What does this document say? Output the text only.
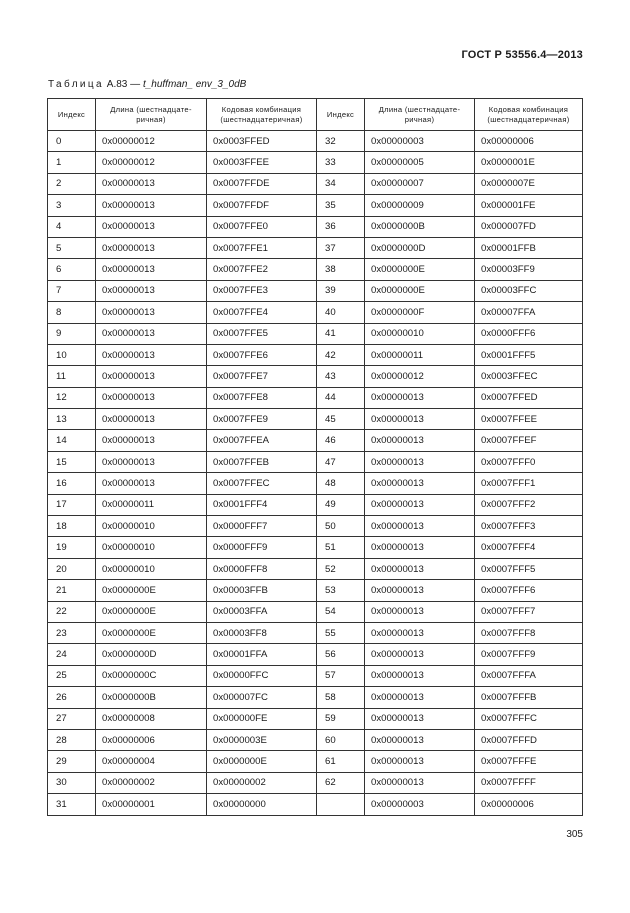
ГОСТ Р 53556.4—2013
Таблица А.83 — t_huffman_ env_3_0dB
Индекс	Длина (шестнадцате-ричная)	Кодовая комбинация (шестнадцатеричная)	Индекс	Длина (шестнадцате-ричная)	Кодовая комбинация (шестнадцатеричная)
0	0x00000012	0x0003FFED	32	0x00000003	0x00000006
1	0x00000012	0x0003FFEE	33	0x00000005	0x0000001E
2	0x00000013	0x0007FFDE	34	0x00000007	0x0000007E
3	0x00000013	0x0007FFDF	35	0x00000009	0x000001FE
4	0x00000013	0x0007FFE0	36	0x0000000B	0x000007FD
5	0x00000013	0x0007FFE1	37	0x0000000D	0x00001FFB
6	0x00000013	0x0007FFE2	38	0x0000000E	0x00003FF9
7	0x00000013	0x0007FFE3	39	0x0000000E	0x00003FFC
8	0x00000013	0x0007FFE4	40	0x0000000F	0x00007FFA
9	0x00000013	0x0007FFE5	41	0x00000010	0x0000FFF6
10	0x00000013	0x0007FFE6	42	0x00000011	0x0001FFF5
11	0x00000013	0x0007FFE7	43	0x00000012	0x0003FFEC
12	0x00000013	0x0007FFE8	44	0x00000013	0x0007FFED
13	0x00000013	0x0007FFE9	45	0x00000013	0x0007FFEE
14	0x00000013	0x0007FFEA	46	0x00000013	0x0007FFEF
15	0x00000013	0x0007FFEB	47	0x00000013	0x0007FFF0
16	0x00000013	0x0007FFEC	48	0x00000013	0x0007FFF1
17	0x00000011	0x0001FFF4	49	0x00000013	0x0007FFF2
18	0x00000010	0x0000FFF7	50	0x00000013	0x0007FFF3
19	0x00000010	0x0000FFF9	51	0x00000013	0x0007FFF4
20	0x00000010	0x0000FFF8	52	0x00000013	0x0007FFF5
21	0x0000000E	0x00003FFB	53	0x00000013	0x0007FFF6
22	0x0000000E	0x00003FFA	54	0x00000013	0x0007FFF7
23	0x0000000E	0x00003FF8	55	0x00000013	0x0007FFF8
24	0x0000000D	0x00001FFA	56	0x00000013	0x0007FFF9
25	0x0000000C	0x00000FFC	57	0x00000013	0x0007FFFA
26	0x0000000B	0x000007FC	58	0x00000013	0x0007FFFB
27	0x00000008	0x000000FE	59	0x00000013	0x0007FFFC
28	0x00000006	0x0000003E	60	0x00000013	0x0007FFFD
29	0x00000004	0x0000000E	61	0x00000013	0x0007FFFE
30	0x00000002	0x00000002	62	0x00000013	0x0007FFFF
31	0x00000001	0x00000000		0x00000003	0x00000006
305
